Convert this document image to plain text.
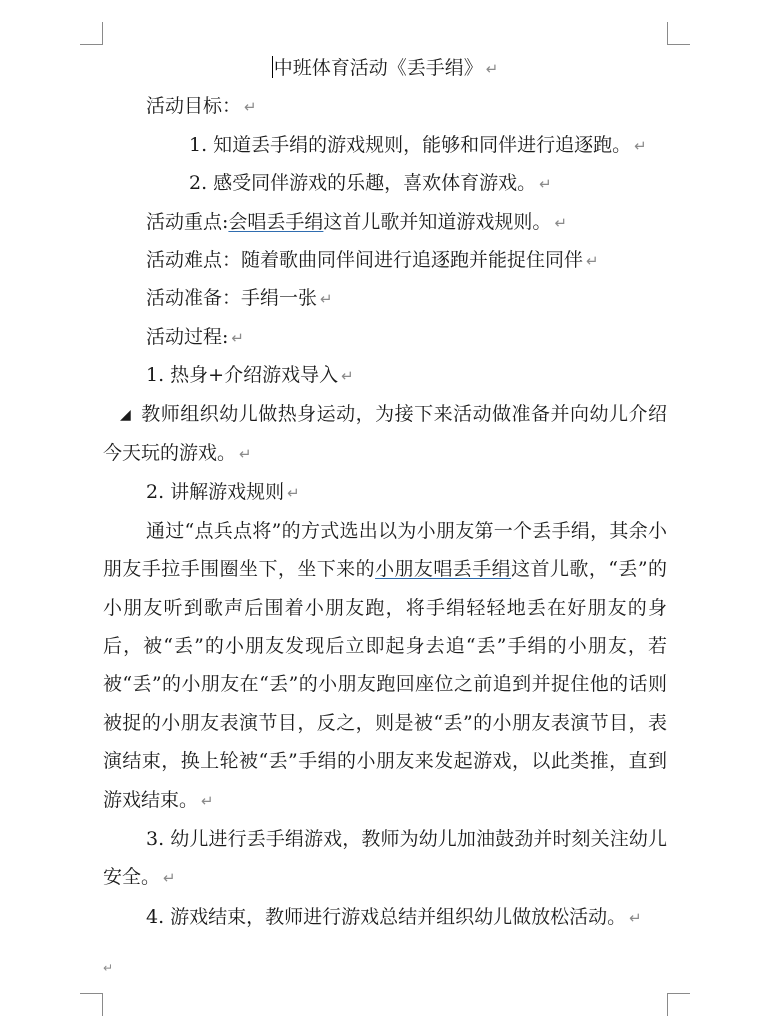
中班体育活动《丢手绢》 ↵
活动目标： ↵
1. 知道丢手绢的游戏规则，能够和同伴进行追逐跑。 ↵
2. 感受同伴游戏的乐趣，喜欢体育游戏。 ↵
活动重点:会唱丢手绢这首儿歌并知道游戏规则。 ↵
活动难点：随着歌曲同伴间进行追逐跑并能捉住同伴 ↵
活动准备：手绢一张 ↵
活动过程: ↵
1. 热身+介绍游戏导入 ↵
◢ 教师组织幼儿做热身运动，为接下来活动做准备并向幼儿介绍今天玩的游戏。 ↵
2. 讲解游戏规则 ↵
通过“点兵点将”的方式选出以为小朋友第一个丢手绢，其余小朋友手拉手围圈坐下，坐下来的小朋友唱丢手绢这首儿歌，“丢”的小朋友听到歌声后围着小朋友跑，将手绢轻轻地丢在好朋友的身后，被“丢”的小朋友发现后立即起身去追“丢”手绢的小朋友，若被“丢”的小朋友在“丢”的小朋友跑回座位之前追到并捉住他的话则被捉的小朋友表演节目，反之，则是被“丢”的小朋友表演节目，表演结束，换上轮被“丢”手绢的小朋友来发起游戏，以此类推，直到游戏结束。 ↵
3. 幼儿进行丢手绢游戏，教师为幼儿加油鼓劲并时刻关注幼儿安全。 ↵
4. 游戏结束，教师进行游戏总结并组织幼儿做放松活动。 ↵
↵
